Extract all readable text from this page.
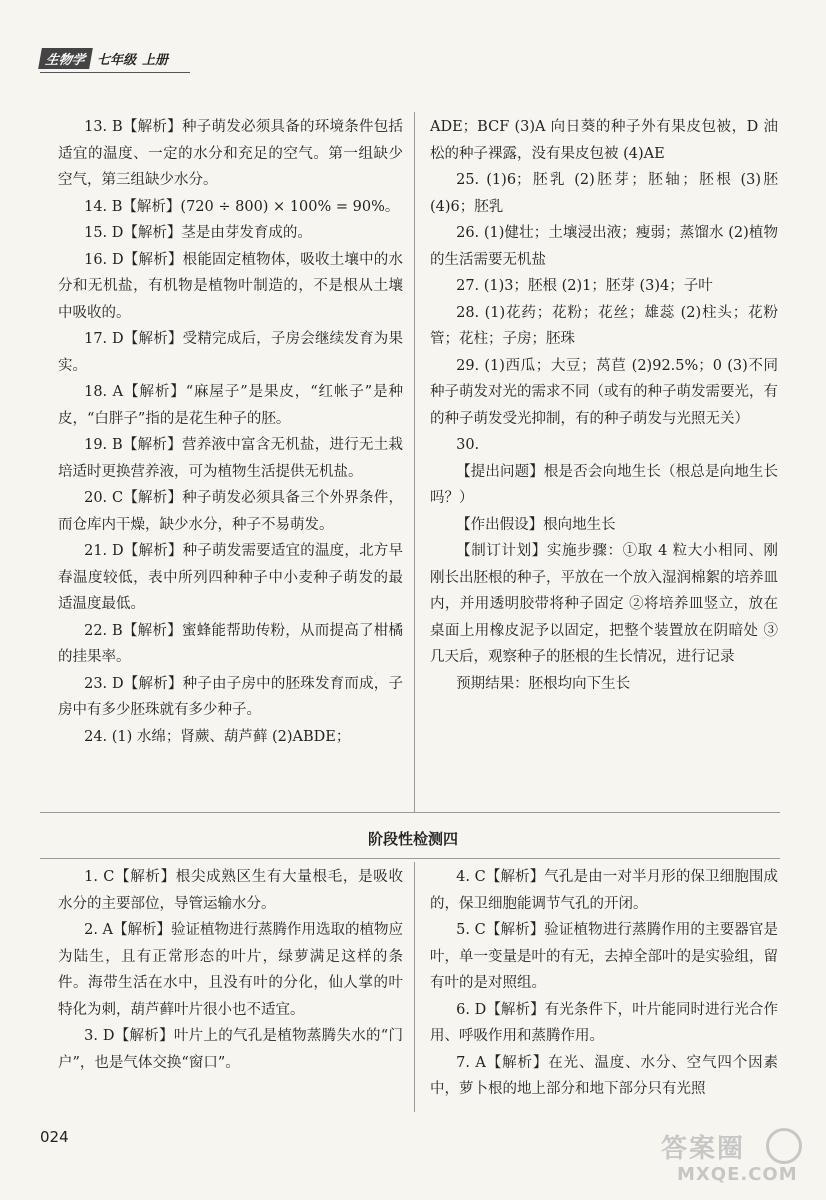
生物学 七年级 上册

13. B【解析】种子萌发必须具备的环境条件包括适宜的温度、一定的水分和充足的空气。第一组缺少空气，第三组缺少水分。

14. B【解析】(720 ÷ 800) × 100% = 90%。

15. D【解析】茎是由芽发育成的。

16. D【解析】根能固定植物体，吸收土壤中的水分和无机盐，有机物是植物叶制造的，不是根从土壤中吸收的。

17. D【解析】受精完成后，子房会继续发育为果实。

18. A【解析】“麻屋子”是果皮，“红帐子”是种皮，“白胖子”指的是花生种子的胚。

19. B【解析】营养液中富含无机盐，进行无土栽培适时更换营养液，可为植物生活提供无机盐。

20. C【解析】种子萌发必须具备三个外界条件，而仓库内干燥，缺少水分，种子不易萌发。

21. D【解析】种子萌发需要适宜的温度，北方早春温度较低，表中所列四种种子中小麦种子萌发的最适温度最低。

22. B【解析】蜜蜂能帮助传粉，从而提高了柑橘的挂果率。

23. D【解析】种子由子房中的胚珠发育而成，子房中有多少胚珠就有多少种子。

24. (1) 水绵；肾蕨、葫芦藓 (2)ABDE；

ADE；BCF (3)A 向日葵的种子外有果皮包被，D 油松的种子裸露，没有果皮包被 (4)AE

25. (1)6；胚乳 (2)胚芽；胚轴；胚根 (3)胚 (4)6；胚乳

26. (1)健壮；土壤浸出液；瘦弱；蒸馏水 (2)植物的生活需要无机盐

27. (1)3；胚根 (2)1；胚芽 (3)4；子叶

28. (1)花药；花粉；花丝；雄蕊 (2)柱头；花粉管；花柱；子房；胚珠

29. (1)西瓜；大豆；莴苣 (2)92.5%；0 (3)不同种子萌发对光的需求不同（或有的种子萌发需要光，有的种子萌发受光抑制，有的种子萌发与光照无关）

30.

【提出问题】根是否会向地生长（根总是向地生长吗？）

【作出假设】根向地生长

【制订计划】实施步骤：①取 4 粒大小相同、刚刚长出胚根的种子，平放在一个放入湿润棉絮的培养皿内，并用透明胶带将种子固定 ②将培养皿竖立，放在桌面上用橡皮泥予以固定，把整个装置放在阴暗处 ③几天后，观察种子的胚根的生长情况，进行记录

预期结果：胚根均向下生长

阶段性检测四

1. C【解析】根尖成熟区生有大量根毛，是吸收水分的主要部位，导管运输水分。

2. A【解析】验证植物进行蒸腾作用选取的植物应为陆生，且有正常形态的叶片，绿萝满足这样的条件。海带生活在水中，且没有叶的分化，仙人掌的叶特化为刺，葫芦藓叶片很小也不适宜。

3. D【解析】叶片上的气孔是植物蒸腾失水的“门户”，也是气体交换“窗口”。

4. C【解析】气孔是由一对半月形的保卫细胞围成的，保卫细胞能调节气孔的开闭。

5. C【解析】验证植物进行蒸腾作用的主要器官是叶，单一变量是叶的有无，去掉全部叶的是实验组，留有叶的是对照组。

6. D【解析】有光条件下，叶片能同时进行光合作用、呼吸作用和蒸腾作用。

7. A【解析】在光、温度、水分、空气四个因素中，萝卜根的地上部分和地下部分只有光照

024	答案圈
MXQE.COM
